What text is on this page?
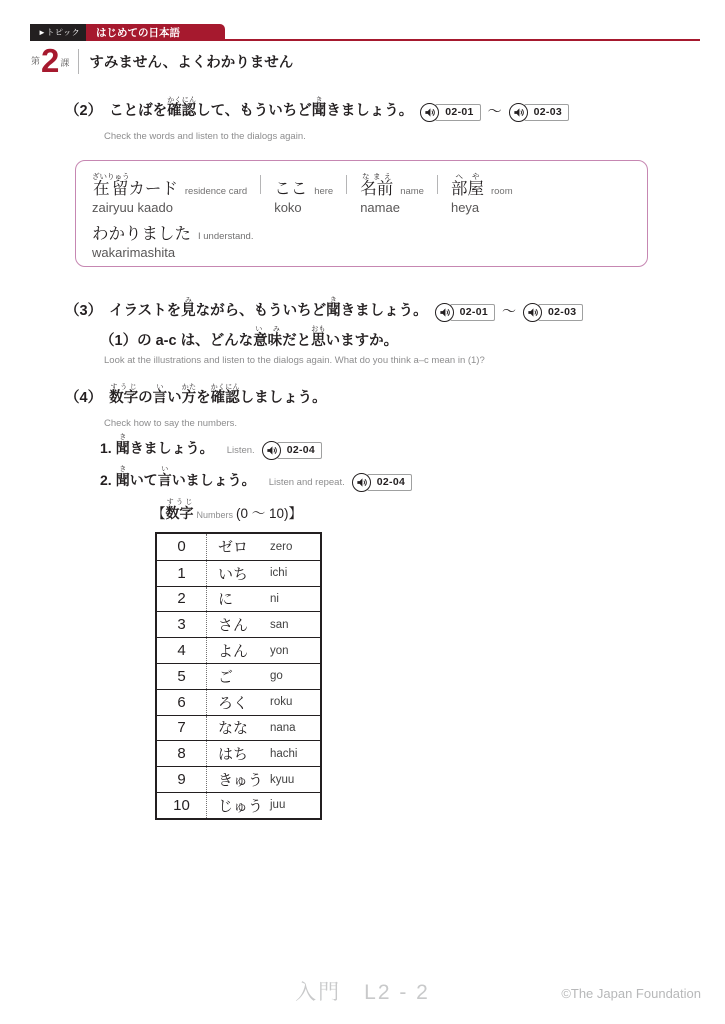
►トピック はじめての日本語
第 2 課 すみません、よくわかりません
（2） ことばを確認かくにんして、もういちど聞ききましょう。	02-01	～	02-03
Check the words and listen to the dialogs again.
在留ざいりゅうカード residence card
zairyuu kaado
ここ here
koko
名前なまえ
name
namae
部屋へや
room
heya
わかりました I understand.
wakarimashita
（3） イラストを見みながら、もういちど聞ききましょう。	02-01	～	02-03
（1）の a-c は、どんな意味い みだと思おもいますか。
Look at the illustrations and listen to the dialogs again. What do you think a–c mean in (1)?
（4） 数字すうじの言いい方かたを確認かくにんしましょう。
Check how to say the numbers.
1. 聞ききましょう。 Listen.	02-04
2. 聞きいて言いいましょう。 Listen and repeat.	02-04
【数字すうじNumbers (0 ～ 10)】
0	ゼロ	zero
1	いち	ichi
2	に	ni
3	さん	san
4	よん	yon
5	ご	go
6	ろく	roku
7	なな	nana
8	はち	hachi
9	きゅう kyuu
10	じゅう juu
入門　L2 - 2	©The Japan Foundation
